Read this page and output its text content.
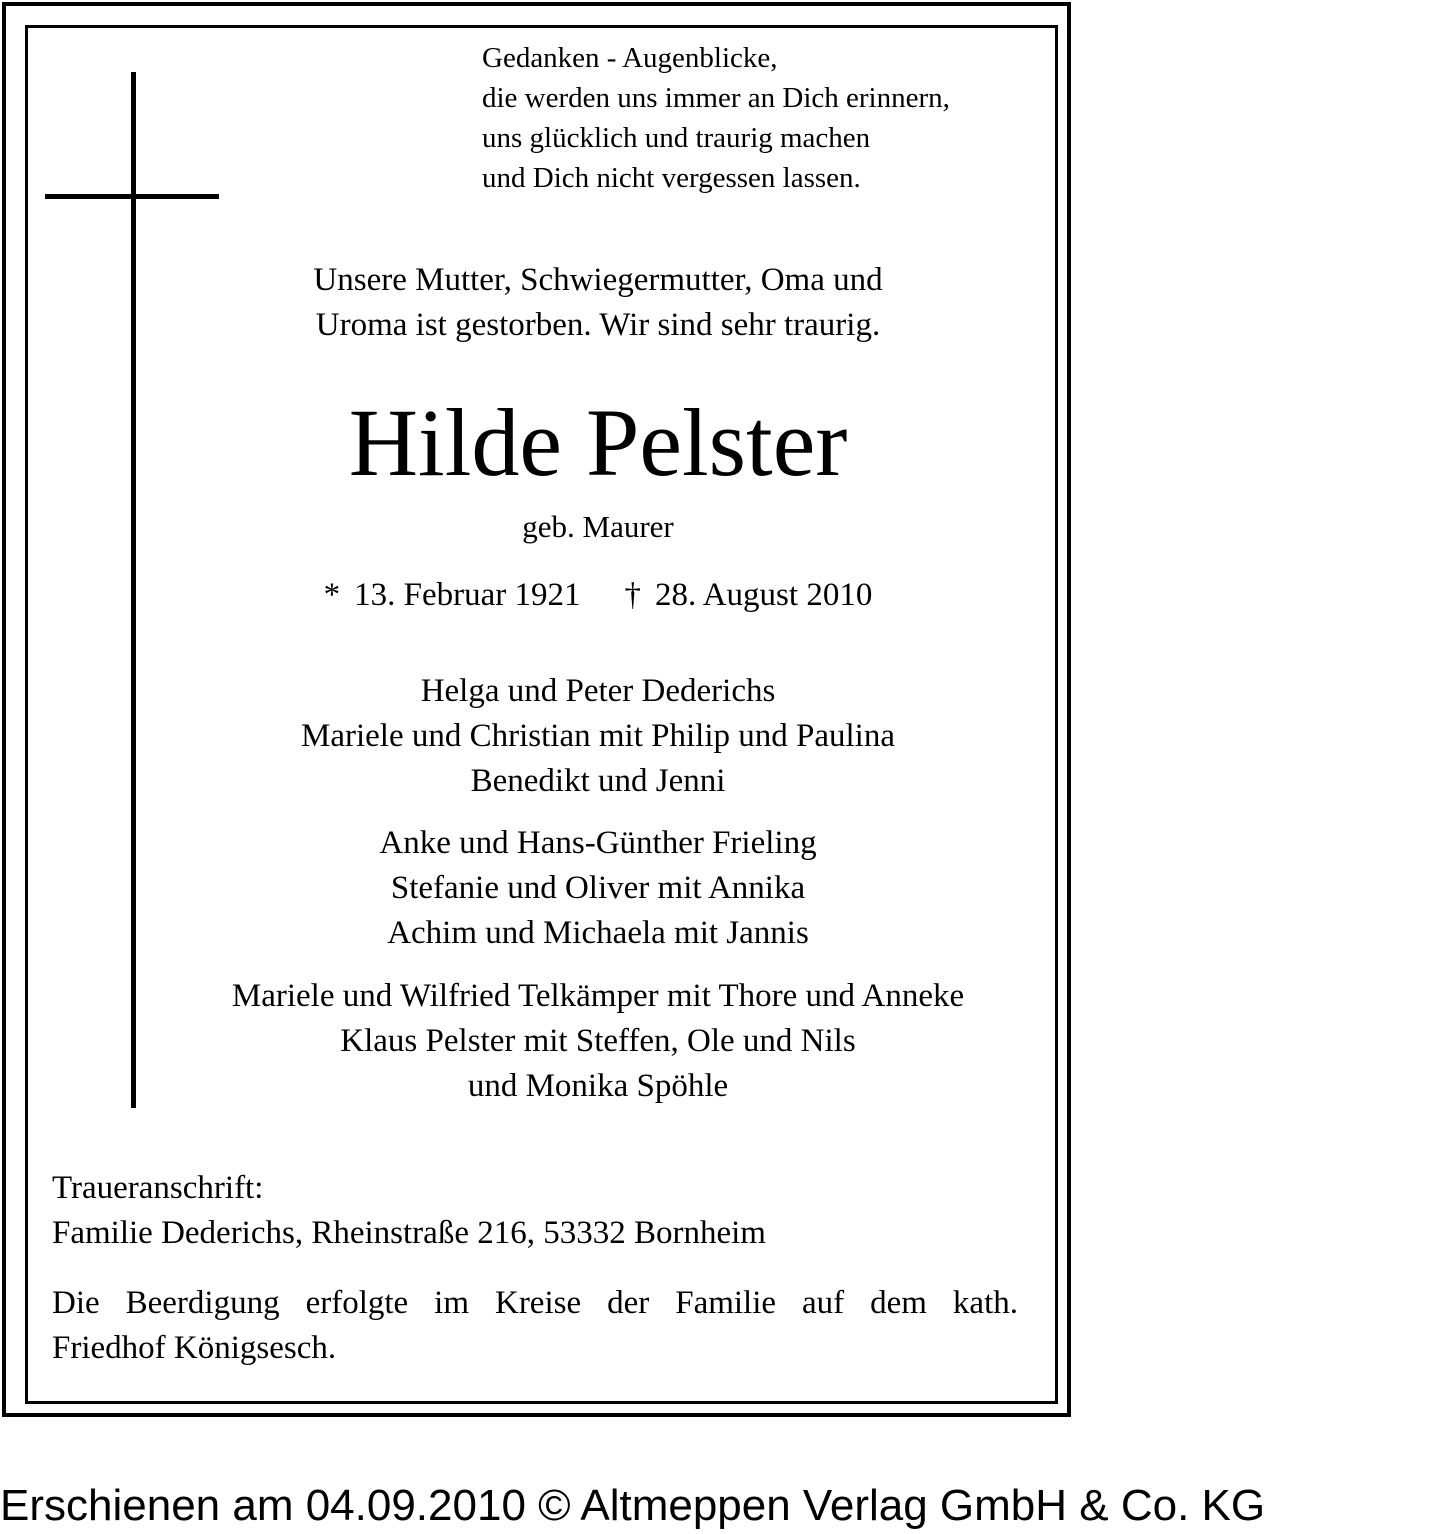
Gedanken - Augenblicke,
die werden uns immer an Dich erinnern,
uns glücklich und traurig machen
und Dich nicht vergessen lassen.
Unsere Mutter, Schwiegermutter, Oma und
Uroma ist gestorben. Wir sind sehr traurig.
Hilde Pelster
geb. Maurer
* 13. Februar 1921 † 28. August 2010
Helga und Peter Dederichs
Mariele und Christian mit Philip und Paulina
Benedikt und Jenni
Anke und Hans-Günther Frieling
Stefanie und Oliver mit Annika
Achim und Michaela mit Jannis
Mariele und Wilfried Telkämper mit Thore und Anneke
Klaus Pelster mit Steffen, Ole und Nils
und Monika Spöhle
Traueranschrift:
Familie Dederichs, Rheinstraße 216, 53332 Bornheim
Die Beerdigung erfolgte im Kreise der Familie auf dem kath.
Friedhof Königsesch.
Erschienen am 04.09.2010 © Altmeppen Verlag GmbH & Co. KG
